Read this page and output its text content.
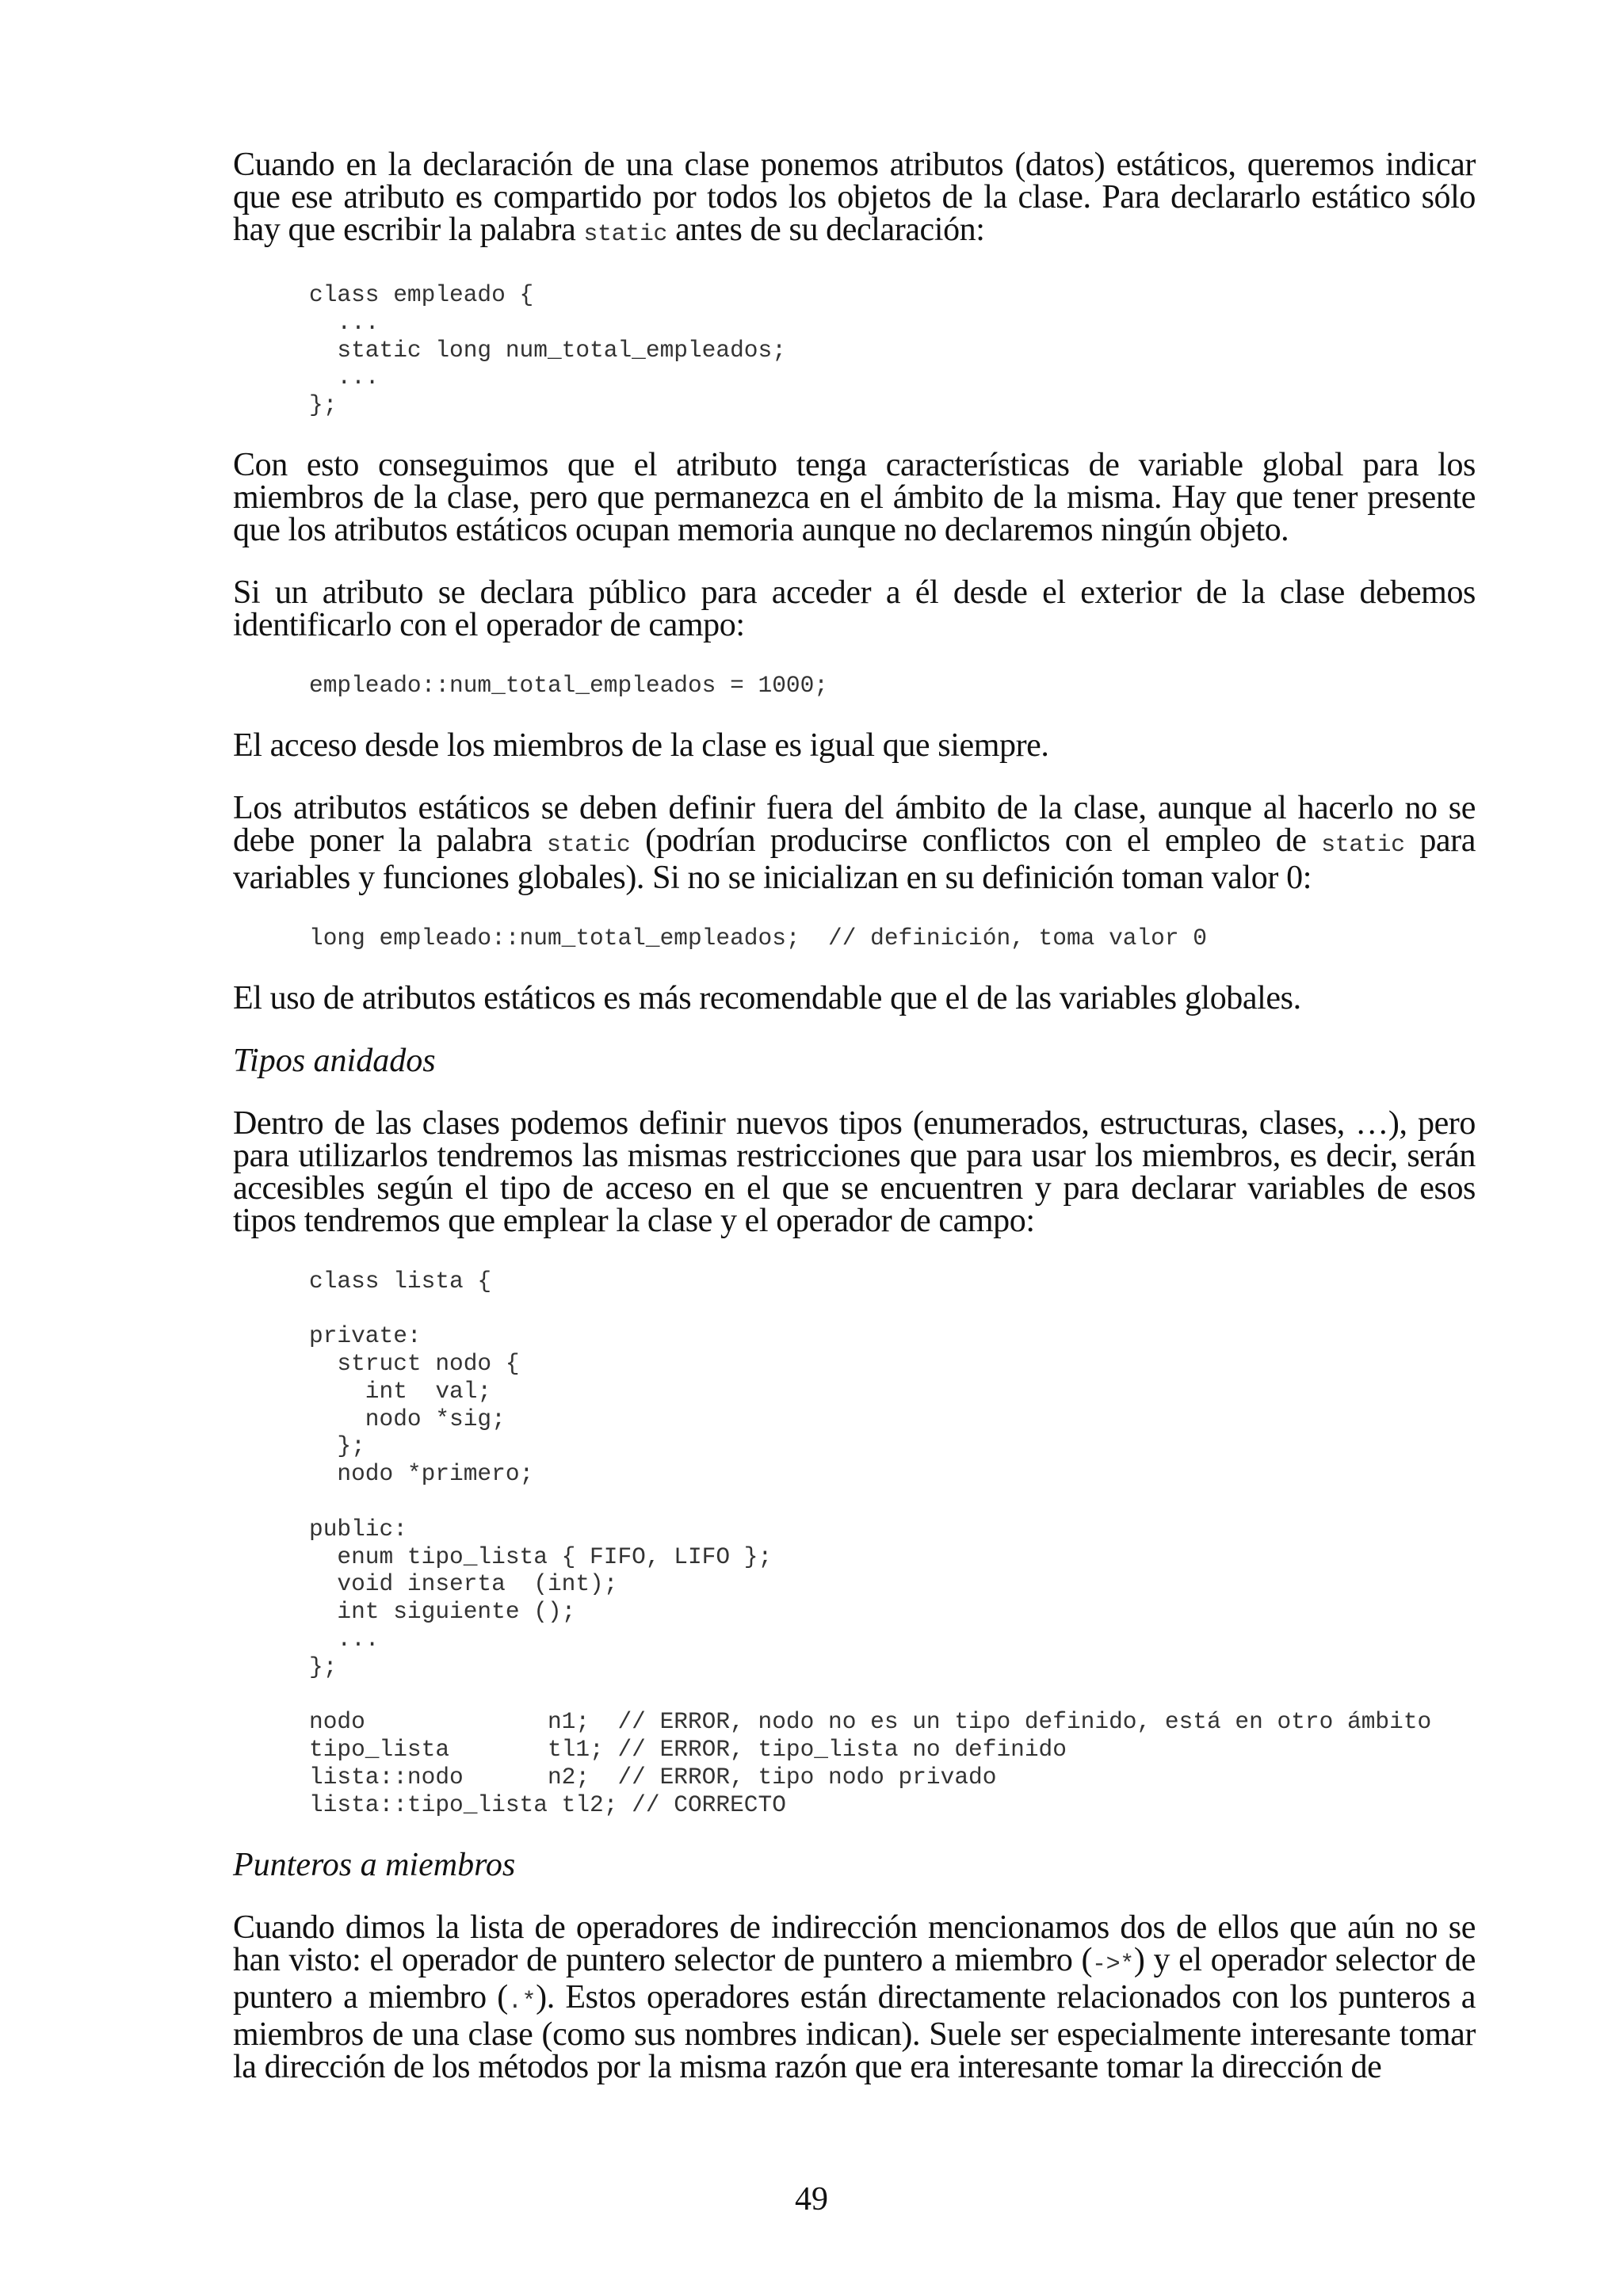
Cuando en la declaración de una clase ponemos atributos (datos) estáticos, queremos indicar que ese atributo es compartido por todos los objetos de la clase. Para declararlo estático sólo hay que escribir la palabra static antes de su declaración:

class empleado {
...
static long num_total_empleados;
...
};

Con esto conseguimos que el atributo tenga características de variable global para los miembros de la clase, pero que permanezca en el ámbito de la misma. Hay que tener presente que los atributos estáticos ocupan memoria aunque no declaremos ningún objeto.

Si un atributo se declara público para acceder a él desde el exterior de la clase debemos identificarlo con el operador de campo:

empleado::num_total_empleados = 1000;

El acceso desde los miembros de la clase es igual que siempre.

Los atributos estáticos se deben definir fuera del ámbito de la clase, aunque al hacerlo no se debe poner la palabra static (podrían producirse conflictos con el empleo de static para variables y funciones globales). Si no se inicializan en su definición toman valor 0:

long empleado::num_total_empleados;  // definición, toma valor 0

El uso de atributos estáticos es más recomendable que el de las variables globales.

Tipos anidados

Dentro de las clases podemos definir nuevos tipos (enumerados, estructuras, clases, …), pero para utilizarlos tendremos las mismas restricciones que para usar los miembros, es decir, serán accesibles según el tipo de acceso en el que se encuentren y para declarar variables de esos tipos tendremos que emplear la clase y el operador de campo:

class lista {
private:
struct nodo {
int  val;
nodo *sig;
};
nodo *primero;
public:
enum tipo_lista { FIFO, LIFO };
void inserta  (int);
int siguiente ();
...
};
nodo             n1;  // ERROR, nodo no es un tipo definido, está en otro ámbito
tipo_lista       tl1; // ERROR, tipo_lista no definido
lista::nodo      n2;  // ERROR, tipo nodo privado
lista::tipo_lista tl2; // CORRECTO

Punteros a miembros

Cuando dimos la lista de operadores de indirección mencionamos dos de ellos que aún no se han visto: el operador de puntero selector de puntero a miembro (->*) y el operador selector de puntero a miembro (.*). Estos operadores están directamente relacionados con los punteros a miembros de una clase (como sus nombres indican). Suele ser especialmente interesante tomar la dirección de los métodos por la misma razón que era interesante tomar la dirección de

49
